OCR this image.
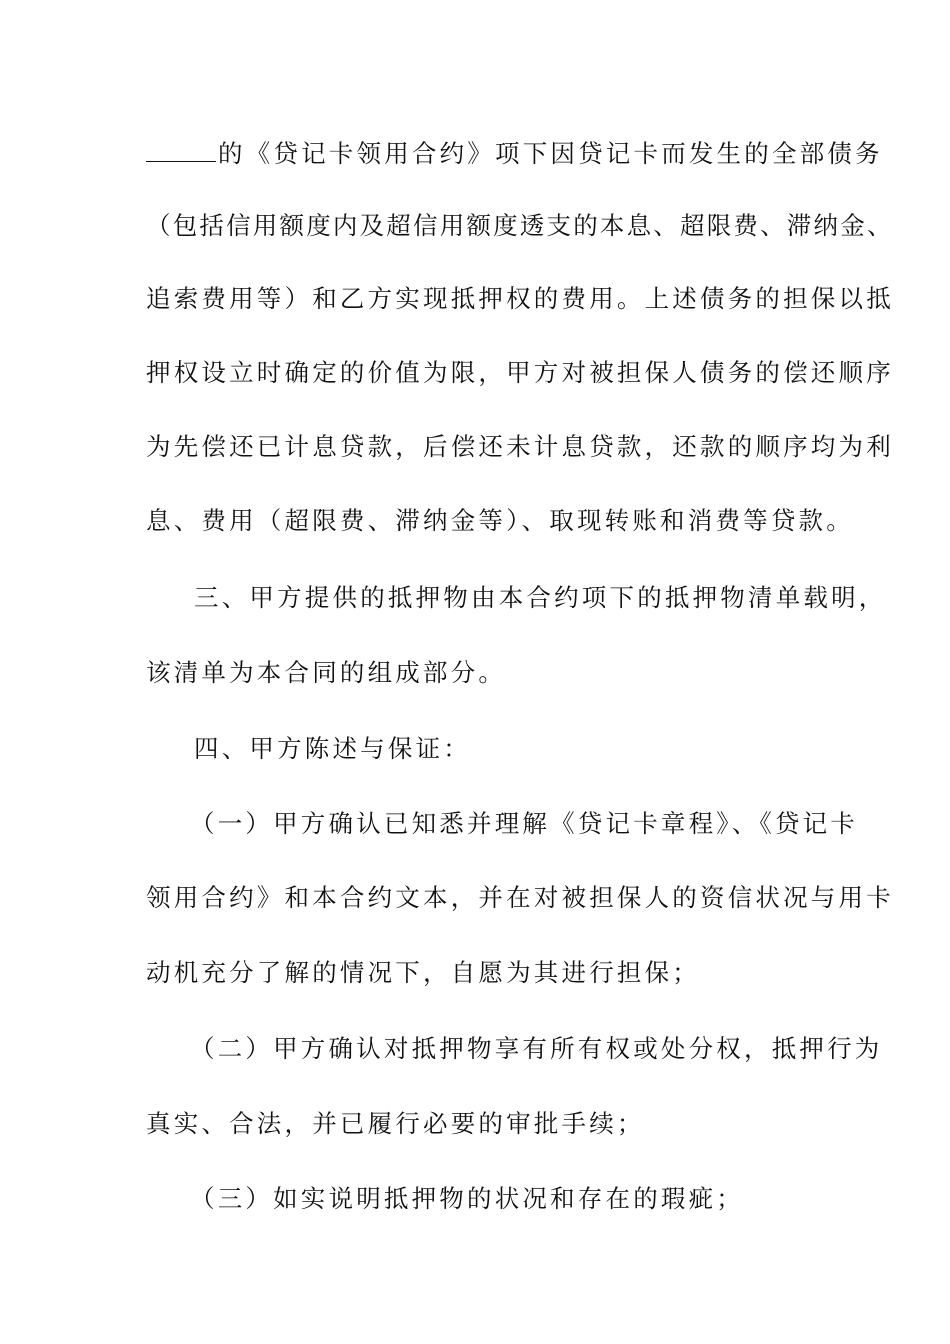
的《贷记卡领用合约》项下因贷记卡而发生的全部债务

（包括信用额度内及超信用额度透支的本息、超限费、滞纳金、

追索费用等）和乙方实现抵押权的费用。上述债务的担保以抵

押权设立时确定的价值为限，甲方对被担保人债务的偿还顺序

为先偿还已计息贷款，后偿还未计息贷款，还款的顺序均为利

息、费用（超限费、滞纳金等）、取现转账和消费等贷款。

三、甲方提供的抵押物由本合约项下的抵押物清单载明，

该清单为本合同的组成部分。

四、甲方陈述与保证：

（一）甲方确认已知悉并理解《贷记卡章程》、《贷记卡

领用合约》和本合约文本，并在对被担保人的资信状况与用卡

动机充分了解的情况下，自愿为其进行担保；

（二）甲方确认对抵押物享有所有权或处分权，抵押行为

真实、合法，并已履行必要的审批手续；

（三）如实说明抵押物的状况和存在的瑕疵；
